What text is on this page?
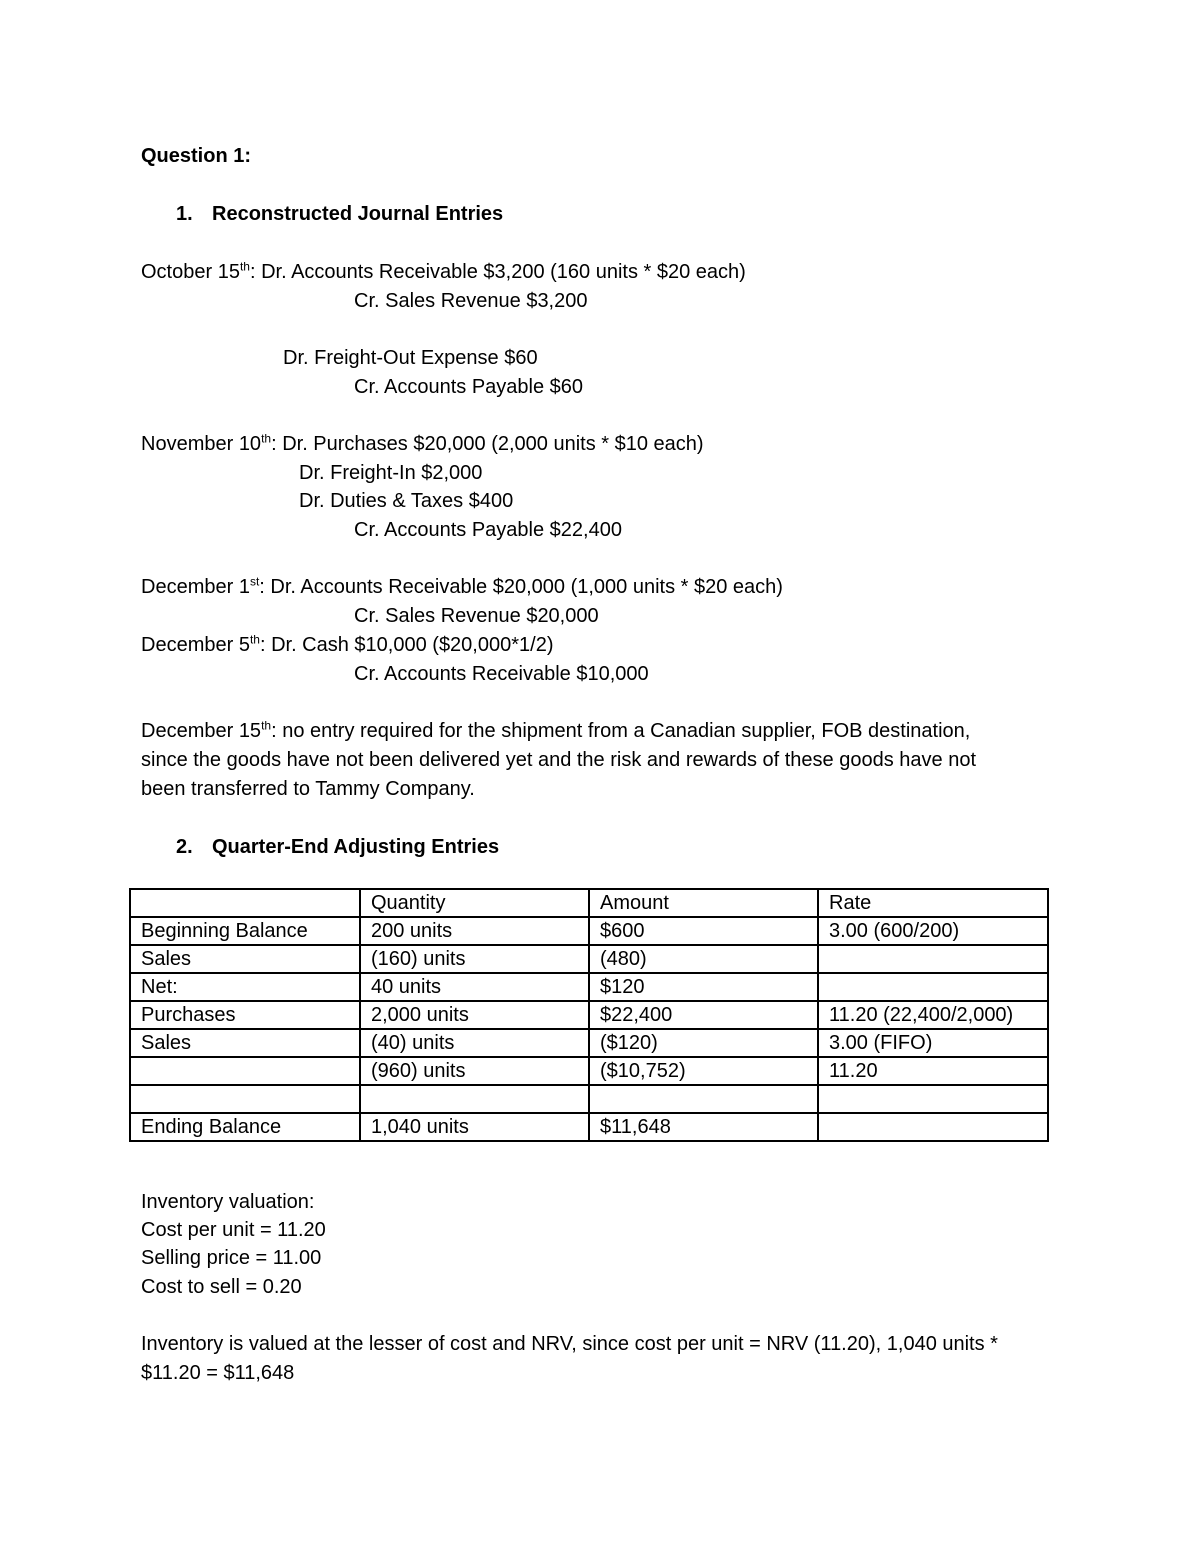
Question 1:
1. Reconstructed Journal Entries
October 15th: Dr. Accounts Receivable $3,200 (160 units * $20 each)
Cr. Sales Revenue $3,200
Dr. Freight-Out Expense $60
Cr. Accounts Payable $60
November 10th: Dr. Purchases $20,000 (2,000 units * $10 each)
Dr. Freight-In $2,000
Dr. Duties & Taxes $400
Cr. Accounts Payable $22,400
December 1st: Dr. Accounts Receivable $20,000 (1,000 units * $20 each)
Cr. Sales Revenue $20,000
December 5th: Dr. Cash $10,000 ($20,000*1/2)
Cr. Accounts Receivable $10,000
December 15th: no entry required for the shipment from a Canadian supplier, FOB destination,
since the goods have not been delivered yet and the risk and rewards of these goods have not
been transferred to Tammy Company.
2. Quarter-End Adjusting Entries
	Quantity	Amount	Rate
Beginning Balance	200 units	$600	3.00 (600/200)
Sales	(160) units	(480)	
Net:	40 units	$120	
Purchases	2,000 units	$22,400	11.20 (22,400/2,000)
Sales	(40) units	($120)	3.00 (FIFO)
	(960) units	($10,752)	11.20

Ending Balance	1,040 units	$11,648	
Inventory valuation:
Cost per unit = 11.20
Selling price = 11.00
Cost to sell = 0.20
Inventory is valued at the lesser of cost and NRV, since cost per unit = NRV (11.20), 1,040 units *
$11.20 = $11,648
